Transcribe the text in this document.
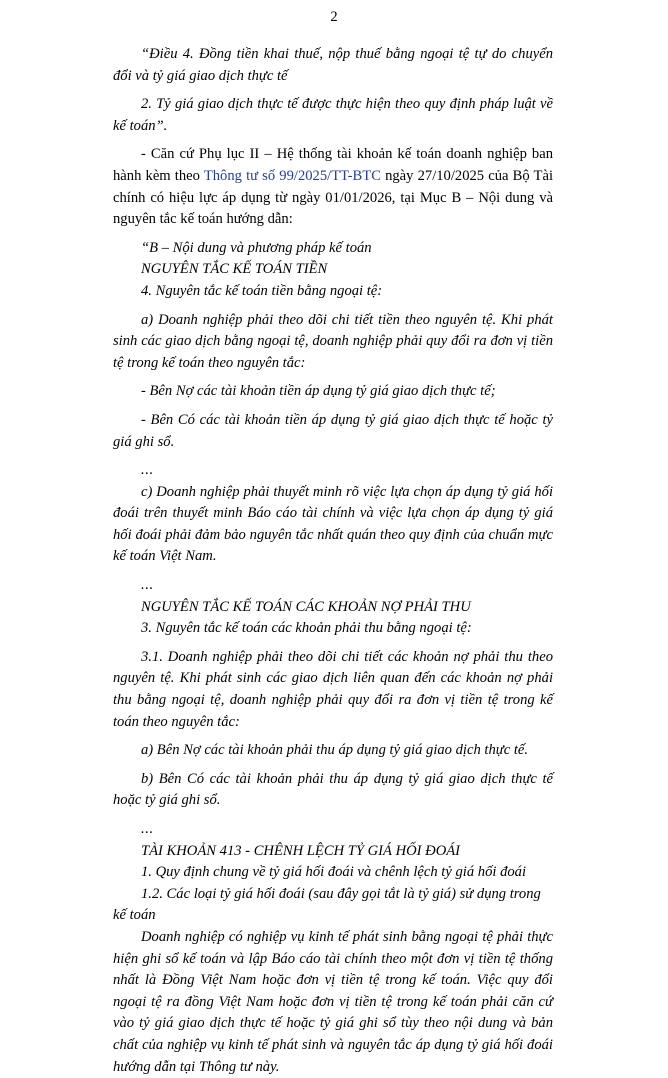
2

“Điều 4. Đồng tiền khai thuế, nộp thuế bằng ngoại tệ tự do chuyển đổi và tỷ giá giao dịch thực tế

2. Tỷ giá giao dịch thực tế được thực hiện theo quy định pháp luật về kế toán”.

- Căn cứ Phụ lục II – Hệ thống tài khoản kế toán doanh nghiệp ban hành kèm theo Thông tư số 99/2025/TT-BTC ngày 27/10/2025 của Bộ Tài chính có hiệu lực áp dụng từ ngày 01/01/2026, tại Mục B – Nội dung và nguyên tắc kế toán hướng dẫn:

“B – Nội dung và phương pháp kế toán

NGUYÊN TẮC KẾ TOÁN TIỀN

4. Nguyên tắc kế toán tiền bằng ngoại tệ:

a) Doanh nghiệp phải theo dõi chi tiết tiền theo nguyên tệ. Khi phát sinh các giao dịch bằng ngoại tệ, doanh nghiệp phải quy đổi ra đơn vị tiền tệ trong kế toán theo nguyên tắc:

- Bên Nợ các tài khoản tiền áp dụng tỷ giá giao dịch thực tế;

- Bên Có các tài khoản tiền áp dụng tỷ giá giao dịch thực tế hoặc tỷ giá ghi sổ.

...

c) Doanh nghiệp phải thuyết minh rõ việc lựa chọn áp dụng tỷ giá hối đoái trên thuyết minh Báo cáo tài chính và việc lựa chọn áp dụng tỷ giá hối đoái phải đảm bảo nguyên tắc nhất quán theo quy định của chuẩn mực kế toán Việt Nam.

...

NGUYÊN TẮC KẾ TOÁN CÁC KHOẢN NỢ PHẢI THU

3. Nguyên tắc kế toán các khoản phải thu bằng ngoại tệ:

3.1. Doanh nghiệp phải theo dõi chi tiết các khoản nợ phải thu theo nguyên tệ. Khi phát sinh các giao dịch liên quan đến các khoản nợ phải thu bằng ngoại tệ, doanh nghiệp phải quy đổi ra đơn vị tiền tệ trong kế toán theo nguyên tắc:

a) Bên Nợ các tài khoản phải thu áp dụng tỷ giá giao dịch thực tế.

b) Bên Có các tài khoản phải thu áp dụng tỷ giá giao dịch thực tế hoặc tỷ giá ghi sổ.

...

TÀI KHOẢN 413 - CHÊNH LỆCH TỶ GIÁ HỐI ĐOÁI

1. Quy định chung về tỷ giá hối đoái và chênh lệch tỷ giá hối đoái

1.2. Các loại tỷ giá hối đoái (sau đây gọi tắt là tỷ giá) sử dụng trong kế toán

Doanh nghiệp có nghiệp vụ kinh tế phát sinh bằng ngoại tệ phải thực hiện ghi sổ kế toán và lập Báo cáo tài chính theo một đơn vị tiền tệ thống nhất là Đồng Việt Nam hoặc đơn vị tiền tệ trong kế toán. Việc quy đổi ngoại tệ ra đồng Việt Nam hoặc đơn vị tiền tệ trong kế toán phải căn cứ vào tỷ giá giao dịch thực tế hoặc tỷ giá ghi sổ tùy theo nội dung và bản chất của nghiệp vụ kinh tế phát sinh và nguyên tắc áp dụng tỷ giá hối đoái hướng dẫn tại Thông tư này.
